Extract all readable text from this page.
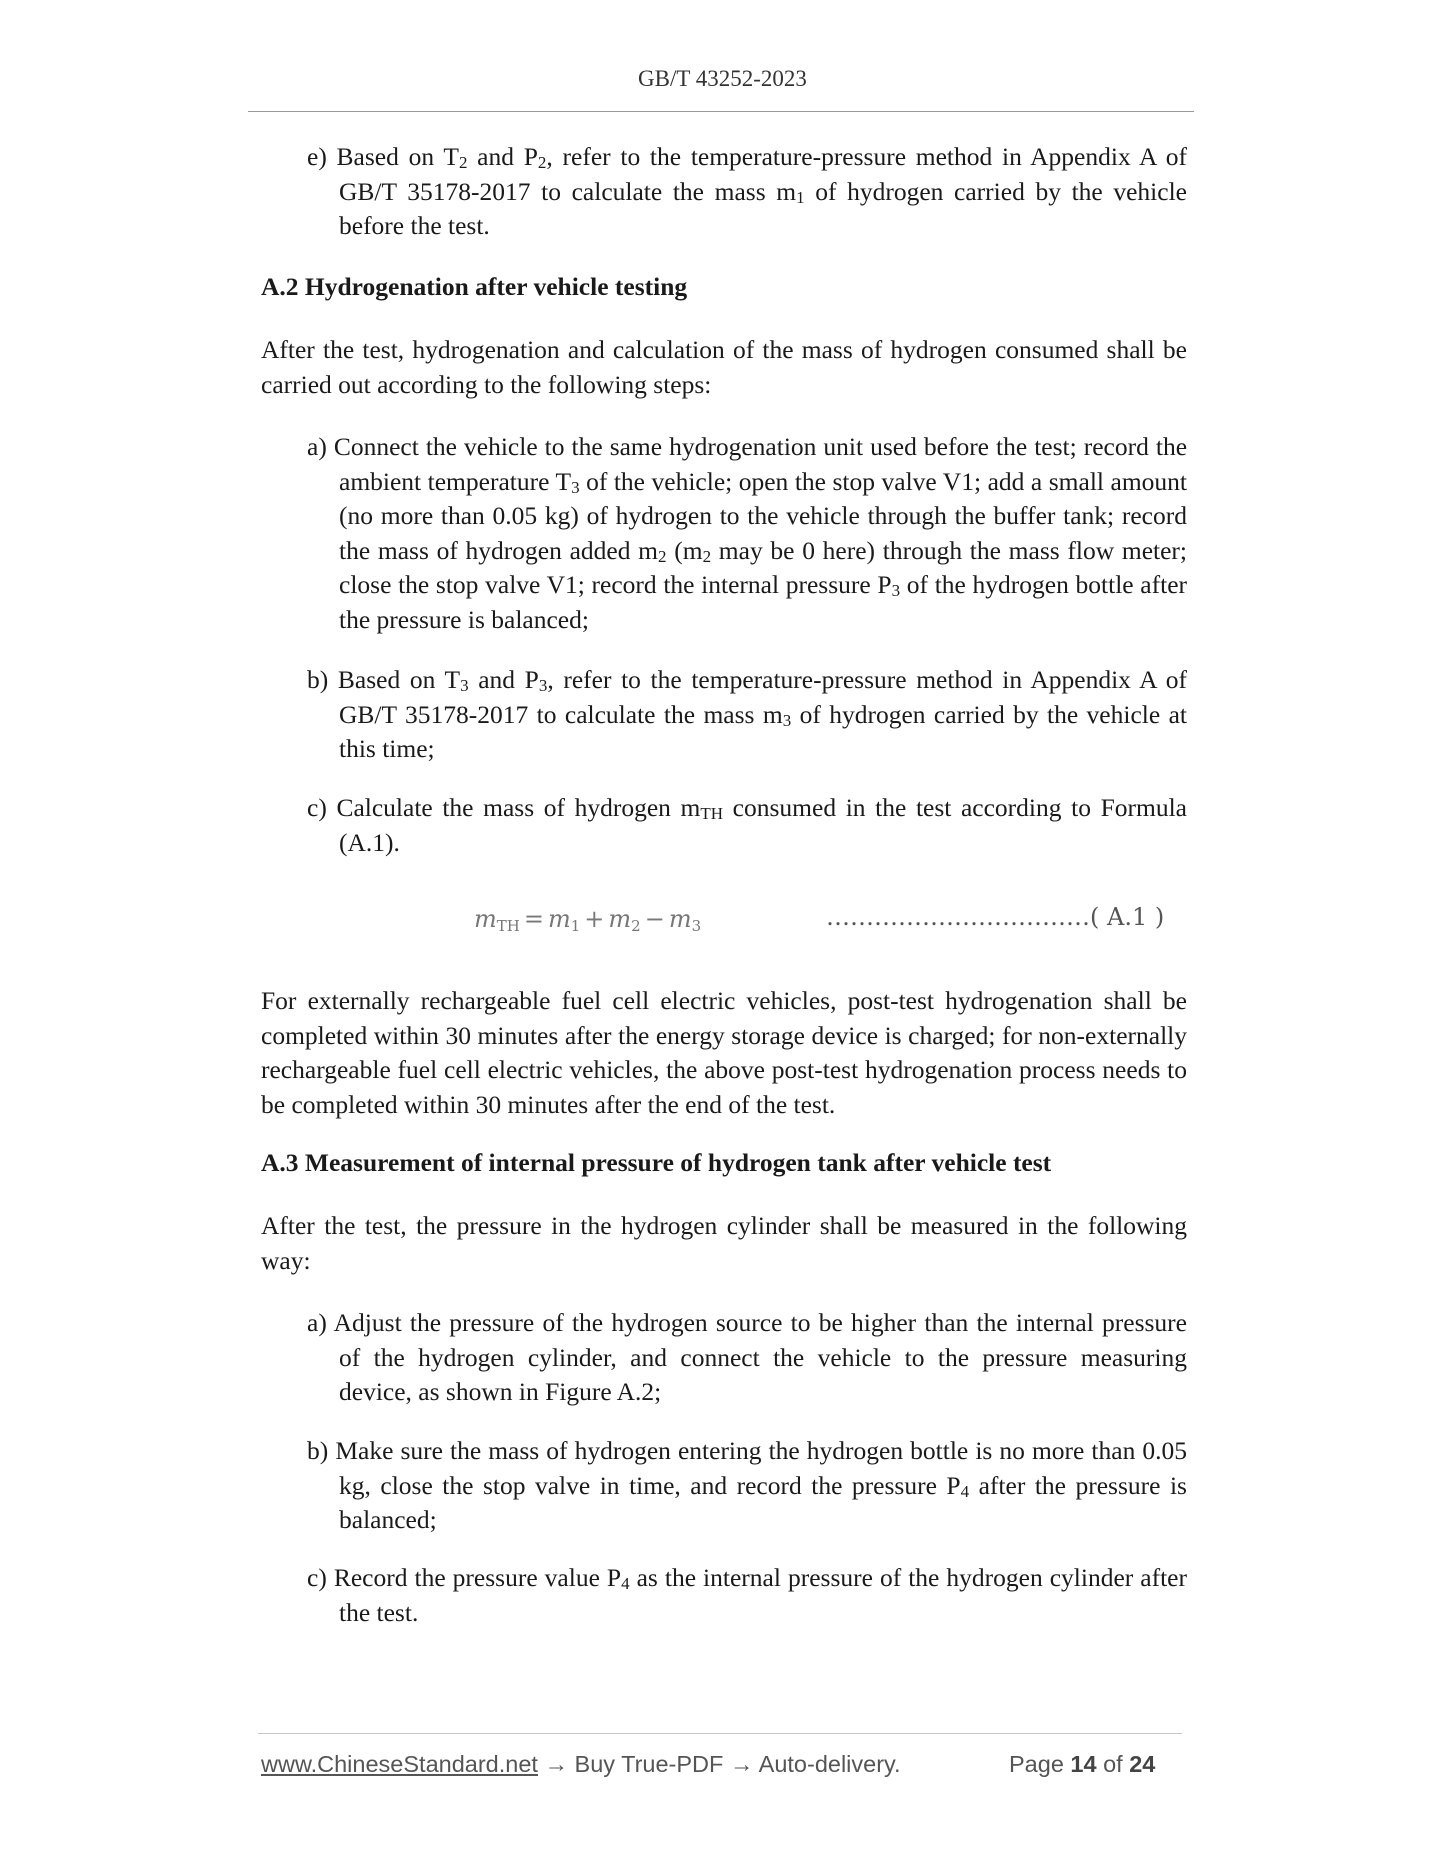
GB/T 43252-2023
e) Based on $T_2$ and $P_2$, refer to the temperature-pressure method in Appendix A of GB/T 35178-2017 to calculate the mass $m_1$ of hydrogen carried by the vehicle before the test.
A.2 Hydrogenation after vehicle testing
After the test, hydrogenation and calculation of the mass of hydrogen consumed shall be carried out according to the following steps:
a) Connect the vehicle to the same hydrogenation unit used before the test; record the ambient temperature $T_3$ of the vehicle; open the stop valve V1; add a small amount (no more than 0.05 kg) of hydrogen to the vehicle through the buffer tank; record the mass of hydrogen added $m_2$ ($m_2$ may be 0 here) through the mass flow meter; close the stop valve V1; record the internal pressure $P_3$ of the hydrogen bottle after the pressure is balanced;
b) Based on $T_3$ and $P_3$, refer to the temperature-pressure method in Appendix A of GB/T 35178-2017 to calculate the mass $m_3$ of hydrogen carried by the vehicle at this time;
c) Calculate the mass of hydrogen $m_{TH}$ consumed in the test according to Formula (A.1).
$m_{TH} = m_1 + m_2 - m_3$	……………………………( A.1 )
For externally rechargeable fuel cell electric vehicles, post-test hydrogenation shall be completed within 30 minutes after the energy storage device is charged; for non-externally rechargeable fuel cell electric vehicles, the above post-test hydrogenation process needs to be completed within 30 minutes after the end of the test.
A.3 Measurement of internal pressure of hydrogen tank after vehicle test
After the test, the pressure in the hydrogen cylinder shall be measured in the following way:
a) Adjust the pressure of the hydrogen source to be higher than the internal pressure of the hydrogen cylinder, and connect the vehicle to the pressure measuring device, as shown in Figure A.2;
b) Make sure the mass of hydrogen entering the hydrogen bottle is no more than 0.05 kg, close the stop valve in time, and record the pressure $P_4$ after the pressure is balanced;
c) Record the pressure value $P_4$ as the internal pressure of the hydrogen cylinder after the test.
www.ChineseStandard.net → Buy True-PDF → Auto-delivery.	Page 14 of 24
